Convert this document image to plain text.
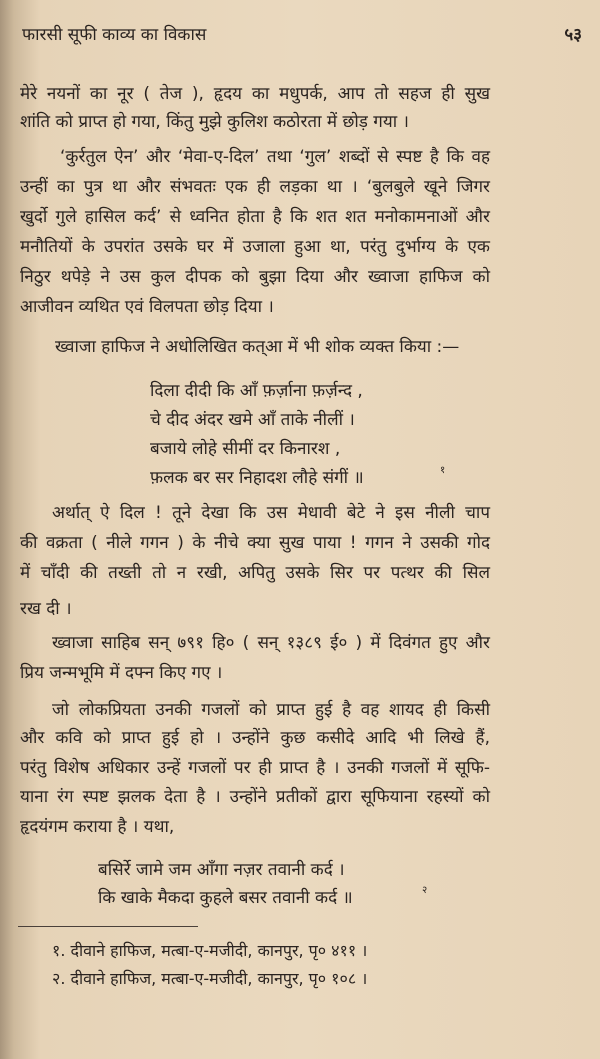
फारसी सूफी काव्य का विकास	५३
मेरे नयनों का नूर ( तेज ), हृदय का मधुपर्क, आप तो सहज ही सुख
शांति को प्राप्त हो गया, किंतु मुझे कुलिश कठोरता में छोड़ गया ।
‘कुर्रतुल ऐन’ और ‘मेवा-ए-दिल’ तथा ‘गुल’ शब्दों से स्पष्ट है कि वह
उन्हीं का पुत्र था और संभवतः एक ही लड़का था । ‘बुलबुले खूने जिगर
खुर्दो गुले हासिल कर्द’ से ध्वनित होता है कि शत शत मनोकामनाओं और
मनौतियों के उपरांत उसके घर में उजाला हुआ था, परंतु दुर्भाग्य के एक
निठुर थपेड़े ने उस कुल दीपक को बुझा दिया और ख्वाजा हाफिज को
आजीवन व्यथित एवं विलपता छोड़ दिया ।
ख्वाजा हाफिज ने अधोलिखित कत्आ में भी शोक व्यक्त किया :—
दिला दीदी कि आँ फ़र्ज़ाना फ़र्ज़न्द ,
चे दीद अंदर खमे आँ ताके नीलीं ।
बजाये लोहे सीमीं दर किनारश ,
फ़लक बर सर निहादश लौहे संगीं ॥	१
अर्थात् ऐ दिल ! तूने देखा कि उस मेधावी बेटे ने इस नीली चाप
की वक्रता ( नीले गगन ) के नीचे क्या सुख पाया ! गगन ने उसकी गोद
में चाँदी की तख्ती तो न रखी, अपितु उसके सिर पर पत्थर की सिल
रख दी ।
ख्वाजा साहिब सन् ७९१ हि० ( सन् १३८९ ई० ) में दिवंगत हुए और
प्रिय जन्मभूमि में दफ्न किए गए ।
जो लोकप्रियता उनकी गजलों को प्राप्त हुई है वह शायद ही किसी
और कवि को प्राप्त हुई हो । उन्होंने कुछ कसीदे आदि भी लिखे हैं,
परंतु विशेष अधिकार उन्हें गजलों पर ही प्राप्त है । उनकी गजलों में सूफि-
याना रंग स्पष्ट झलक देता है । उन्होंने प्रतीकों द्वारा सूफियाना रहस्यों को
हृदयंगम कराया है । यथा,
बसिर्रे जामे जम आँगा नज़र तवानी कर्द ।
कि खाके मैकदा कुहले बसर तवानी कर्द ॥	२
१. दीवाने हाफिज, मत्बा-ए-मजीदी, कानपुर, पृ० ४११ ।
२. दीवाने हाफिज, मत्बा-ए-मजीदी, कानपुर, पृ० १०८ ।
